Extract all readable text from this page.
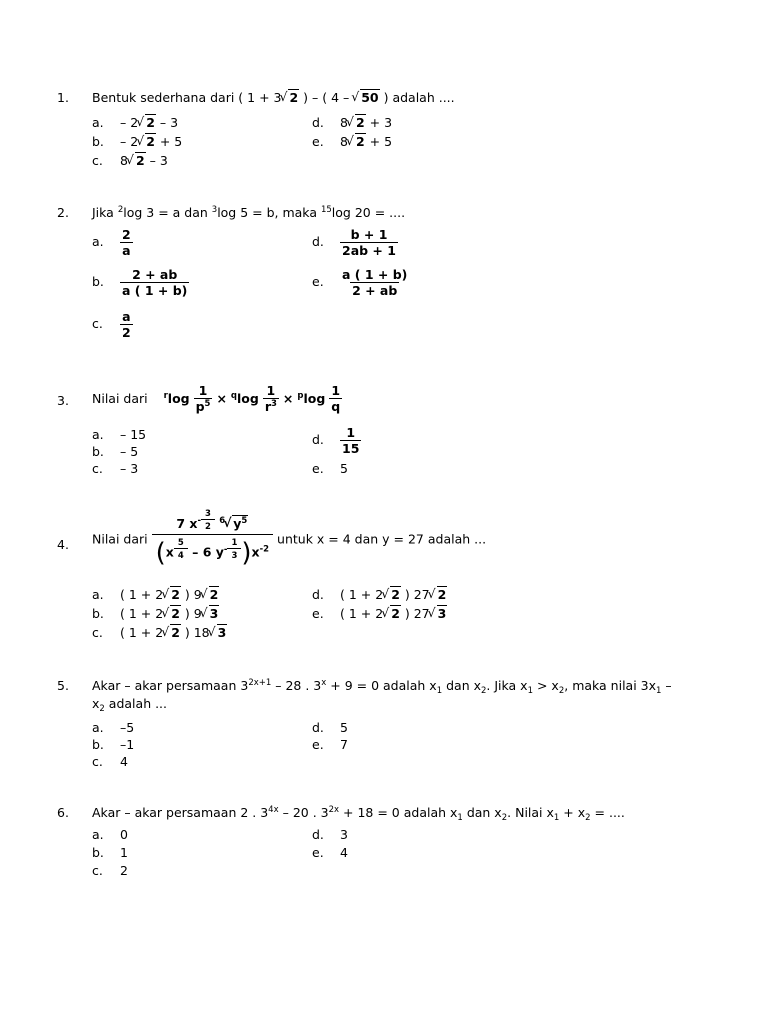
1. Bentuk sederhana dari ( 1 + 3 √ 2 ) – ( 4 – √ 50 ) adalah ....
a. – 2 √ 2 – 3	d. 8 √ 2 + 3
b. – 2 √ 2 + 5	e. 8 √ 2 + 5
c. 8 √ 2 – 3
2. Jika $^2$log 3 = a dan $^3$log 5 = b, maka $^{15}$log 20 = ....
a. $\frac{2}{a}$	d. $\frac{b + 1}{2ab + 1}$
b. $\frac{2 + ab}{a ( 1 + b)}$	e. $\frac{a ( 1 + b)}{2 + ab}$
c. $\frac{a}{2}$
3. Nilai dari $^r\log \frac{1}{p^5} \times ^q\log \frac{1}{r^3} \times ^p\log \frac{1}{q}$
a. – 15
b. – 5
c. – 3
d. $\frac{1}{15}$
e. 5
4. Nilai dari 7 $x^{- \frac{3}{2}}$ $^6$ √ $y^5$
(x $^{\frac{5}{4}}$ – 6 $y^{- \frac{1}{3}}$ )$x^{-2}$ untuk x = 4 dan y = 27 adalah ...
a. ( 1 + 2 √ 2 ) 9 √ 2	d. ( 1 + 2 √ 2 ) 27 √ 2
b. ( 1 + 2 √ 2 ) 9 √ 3	e. ( 1 + 2 √ 2 ) 27 √ 3
c. ( 1 + 2 √ 2 ) 18 √ 3
5. Akar – akar persamaan $3^{2x+1} - 28$ . $3^x + 9 = 0$ adalah $x_1$ dan $x_2$. Jika $x_1 > x_2$, maka nilai $3x_1$ –
$x_2$ adalah ...
a. –5	d. 5
b. –1	e. 7
c. 4
6. Akar – akar persamaan 2 . $3^{4x} - 20$ . $3^{2x} + 18 = 0$ adalah $x_1$ dan $x_2$. Nilai $x_1 + x_2$ = ....
a. 0	d. 3
b. 1	e. 4
c. 2
